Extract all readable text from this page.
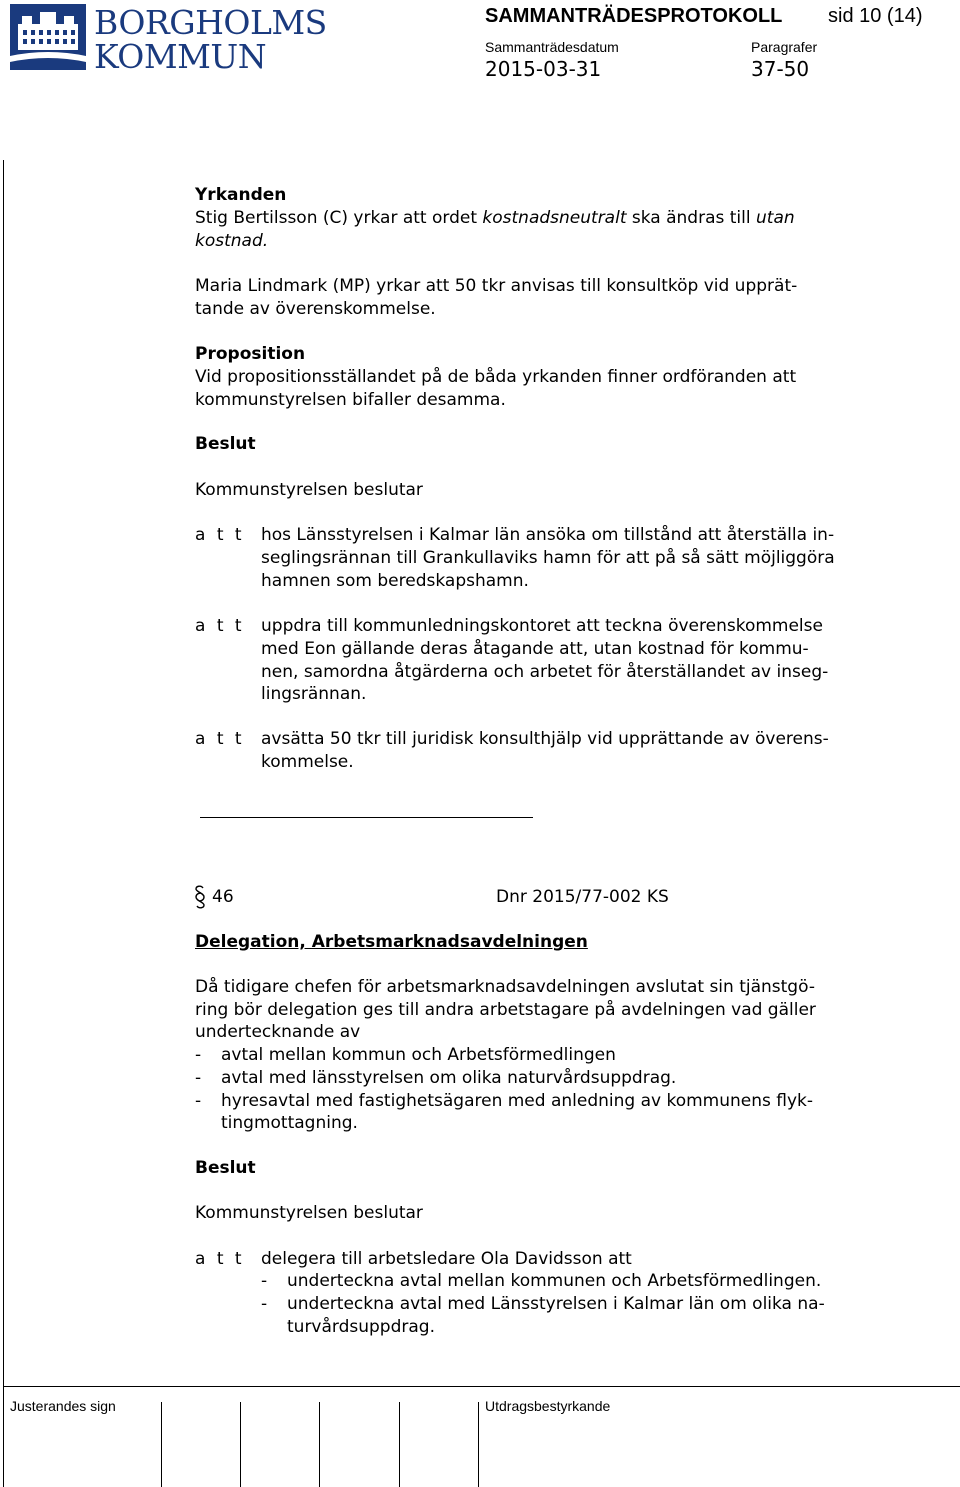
BORGHOLMS
KOMMUN
SAMMANTRÄDESPROTOKOLL sid 10 (14)
Sammanträdesdatum
2015-03-31
Paragrafer
37-50
Yrkanden
Stig Bertilsson (C) yrkar att ordet kostnadsneutralt ska ändras till utan
kostnad.
Maria Lindmark (MP) yrkar att 50 tkr anvisas till konsultköp vid upprät-
tande av överenskommelse.
Proposition
Vid propositionsställandet på de båda yrkanden finner ordföranden att
kommunstyrelsen bifaller desamma.
Beslut
Kommunstyrelsen beslutar
a t t hos Länsstyrelsen i Kalmar län ansöka om tillstånd att återställa in-
seglingsrännan till Grankullaviks hamn för att på så sätt möjliggöra
hamnen som beredskapshamn.
a t t uppdra till kommunledningskontoret att teckna överenskommelse
med Eon gällande deras åtagande att, utan kostnad för kommu-
nen, samordna åtgärderna och arbetet för återställandet av inseg-
lingsrännan.
a t t avsätta 50 tkr till juridisk konsulthjälp vid upprättande av överens-
kommelse.
46	Dnr 2015/77-002 KS
Delegation, Arbetsmarknadsavdelningen
Då tidigare chefen för arbetsmarknadsavdelningen avslutat sin tjänstgö-
ring bör delegation ges till andra arbetstagare på avdelningen vad gäller
undertecknande av
- avtal mellan kommun och Arbetsförmedlingen
- avtal med länsstyrelsen om olika naturvårdsuppdrag.
- hyresavtal med fastighetsägaren med anledning av kommunens flyk-
tingmottagning.
Beslut
Kommunstyrelsen beslutar
a t t delegera till arbetsledare Ola Davidsson att
- underteckna avtal mellan kommunen och Arbetsförmedlingen.
- underteckna avtal med Länsstyrelsen i Kalmar län om olika na-
turvårdsuppdrag.
Justerandes sign	Utdragsbestyrkande
